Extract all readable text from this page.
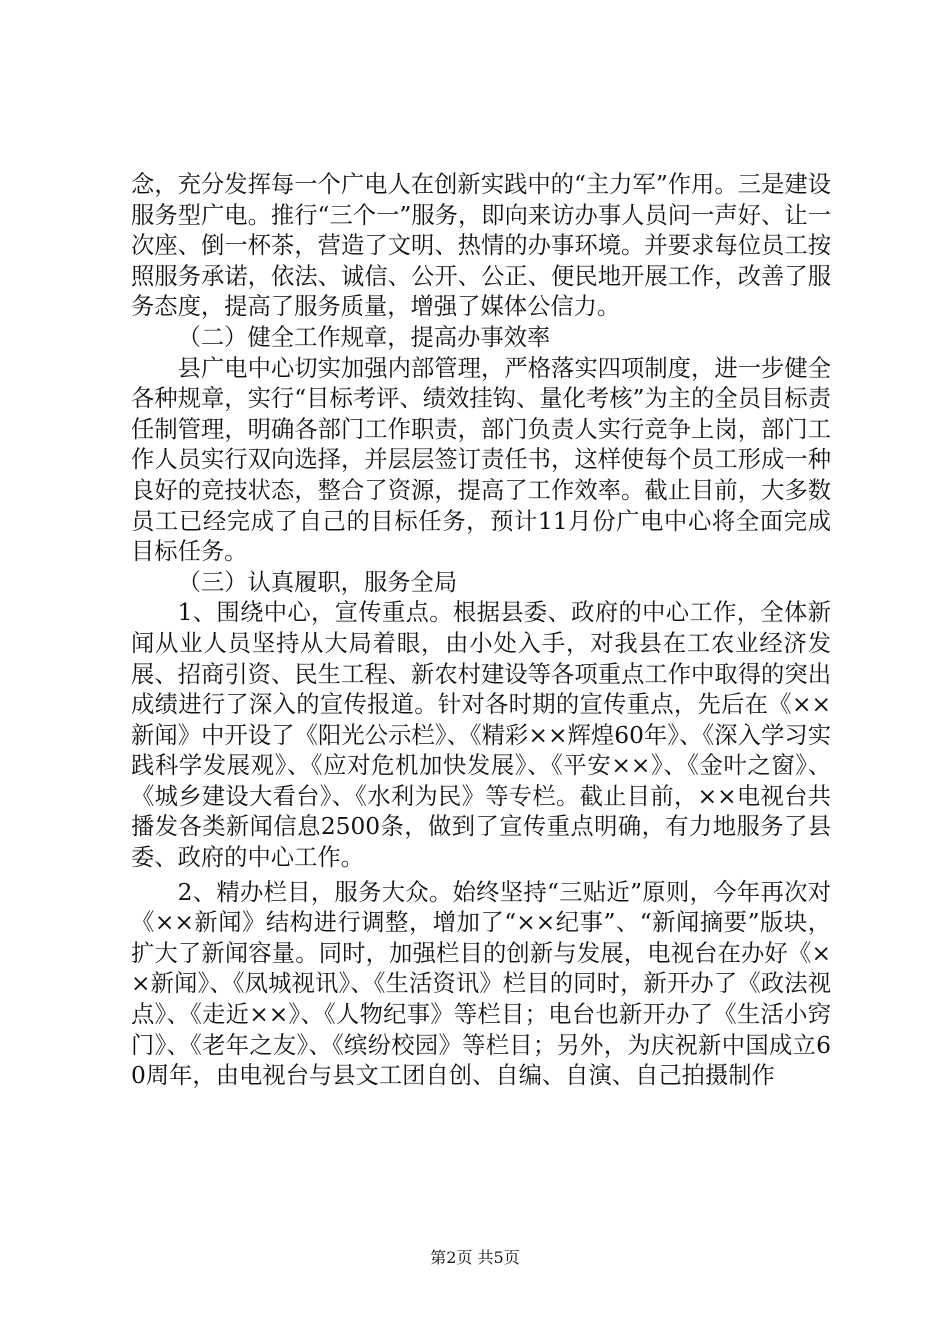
念，充分发挥每一个广电人在创新实践中的“主力军”作用。三是建设服务型广电。推行“三个一”服务，即向来访办事人员问一声好、让一次座、倒一杯茶，营造了文明、热情的办事环境。并要求每位员工按照服务承诺，依法、诚信、公开、公正、便民地开展工作，改善了服务态度，提高了服务质量，增强了媒体公信力。

（二）健全工作规章，提高办事效率

县广电中心切实加强内部管理，严格落实四项制度，进一步健全各种规章，实行“目标考评、绩效挂钩、量化考核”为主的全员目标责任制管理，明确各部门工作职责，部门负责人实行竞争上岗，部门工作人员实行双向选择，并层层签订责任书，这样使每个员工形成一种良好的竞技状态，整合了资源，提高了工作效率。截止目前，大多数员工已经完成了自己的目标任务，预计11月份广电中心将全面完成目标任务。

（三）认真履职，服务全局

1、围绕中心，宣传重点。根据县委、政府的中心工作，全体新闻从业人员坚持从大局着眼，由小处入手，对我县在工农业经济发展、招商引资、民生工程、新农村建设等各项重点工作中取得的突出成绩进行了深入的宣传报道。针对各时期的宣传重点，先后在《××新闻》中开设了《阳光公示栏》、《精彩××辉煌60年》、《深入学习实践科学发展观》、《应对危机加快发展》、《平安××》、《金叶之窗》、《城乡建设大看台》、《水利为民》等专栏。截止目前，××电视台共播发各类新闻信息2500条，做到了宣传重点明确，有力地服务了县委、政府的中心工作。

2、精办栏目，服务大众。始终坚持“三贴近”原则，今年再次对《××新闻》结构进行调整，增加了“××纪事”、“新闻摘要”版块，扩大了新闻容量。同时，加强栏目的创新与发展，电视台在办好《××新闻》、《凤城视讯》、《生活资讯》栏目的同时，新开办了《政法视点》、《走近××》、《人物纪事》等栏目；电台也新开办了《生活小窍门》、《老年之友》、《缤纷校园》等栏目；另外，为庆祝新中国成立60周年，由电视台与县文工团自创、自编、自演、自己拍摄制作

第2页 共5页
